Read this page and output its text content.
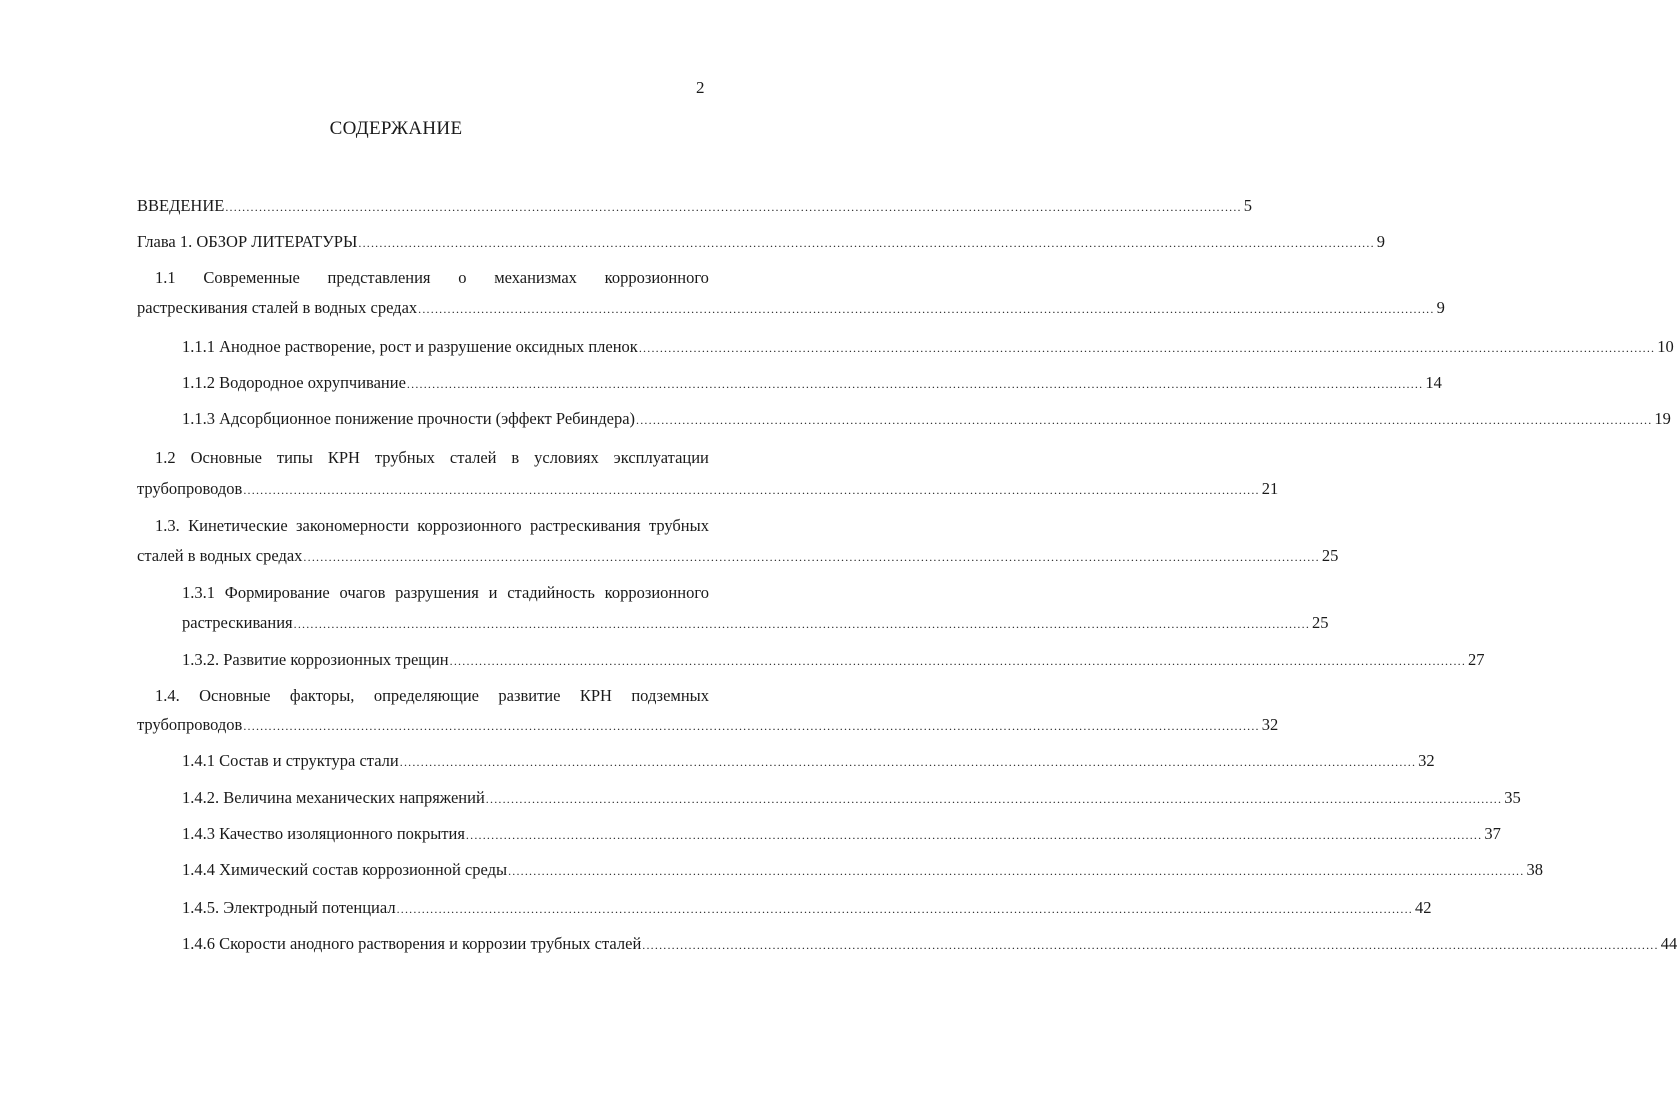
2
СОДЕРЖАНИЕ
ВВЕДЕНИЕ .................................................................................................................................................................................................................................................. 5
Глава 1. ОБЗОР ЛИТЕРАТУРЫ .................................................................................................................................................................................................................................................. 9
1.1 Современные представления о механизмах коррозионного
растрескивания сталей в водных средах .................................................................................................................................................................................................................................................. 9
1.1.1 Анодное растворение, рост и разрушение оксидных пленок .................................................................................................................................................................................................................................................. 10
1.1.2 Водородное охрупчивание .................................................................................................................................................................................................................................................. 14
1.1.3 Адсорбционное понижение прочности (эффект Ребиндера) .................................................................................................................................................................................................................................................. 19
1.2 Основные типы КРН трубных сталей в условиях эксплуатации
трубопроводов .................................................................................................................................................................................................................................................. 21
1.3. Кинетические закономерности коррозионного растрескивания трубных
сталей в водных средах .................................................................................................................................................................................................................................................. 25
1.3.1 Формирование очагов разрушения и стадийность коррозионного
растрескивания .................................................................................................................................................................................................................................................. 25
1.3.2. Развитие коррозионных трещин .................................................................................................................................................................................................................................................. 27
1.4. Основные факторы, определяющие развитие КРН подземных
трубопроводов .................................................................................................................................................................................................................................................. 32
1.4.1 Состав и структура стали .................................................................................................................................................................................................................................................. 32
1.4.2. Величина механических напряжений .................................................................................................................................................................................................................................................. 35
1.4.3 Качество изоляционного покрытия .................................................................................................................................................................................................................................................. 37
1.4.4 Химический состав коррозионной среды .................................................................................................................................................................................................................................................. 38
1.4.5. Электродный потенциал .................................................................................................................................................................................................................................................. 42
1.4.6 Скорости анодного растворения и коррозии трубных сталей .................................................................................................................................................................................................................................................. 44
